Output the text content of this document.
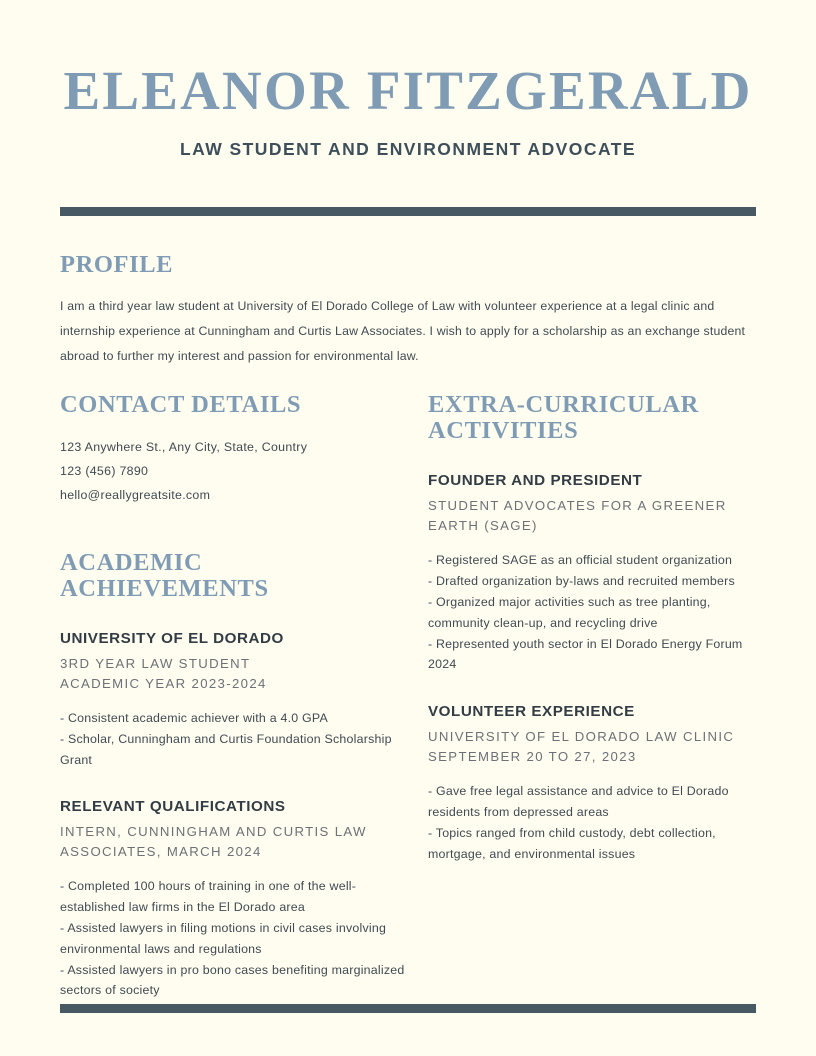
ELEANOR FITZGERALD
LAW STUDENT AND ENVIRONMENT ADVOCATE
PROFILE

I am a third year law student at University of El Dorado College of Law with volunteer experience at a legal clinic and internship experience at Cunningham and Curtis Law Associates. I wish to apply for a scholarship as an exchange student abroad to further my interest and passion for environmental law.

CONTACT DETAILS
123 Anywhere St., Any City, State, Country
123 (456) 7890
hello@reallygreatsite.com
ACADEMIC ACHIEVEMENTS
UNIVERSITY OF EL DORADO
3RD YEAR LAW STUDENT
ACADEMIC YEAR 2023-2024
- Consistent academic achiever with a 4.0 GPA
- Scholar, Cunningham and Curtis Foundation Scholarship Grant
RELEVANT QUALIFICATIONS
INTERN, CUNNINGHAM AND CURTIS LAW
ASSOCIATES, MARCH 2024
- Completed 100 hours of training in one of the well-established law firms in the El Dorado area
- Assisted lawyers in filing motions in civil cases involving environmental laws and regulations
- Assisted lawyers in pro bono cases benefiting marginalized sectors of society
EXTRA-CURRICULAR ACTIVITIES
FOUNDER AND PRESIDENT
STUDENT ADVOCATES FOR A GREENER
EARTH (SAGE)
- Registered SAGE as an official student organization
- Drafted organization by-laws and recruited members
- Organized major activities such as tree planting, community clean-up, and recycling drive
- Represented youth sector in El Dorado Energy Forum 2024
VOLUNTEER EXPERIENCE
UNIVERSITY OF EL DORADO LAW CLINIC
SEPTEMBER 20 TO 27, 2023
- Gave free legal assistance and advice to El Dorado residents from depressed areas
- Topics ranged from child custody, debt collection, mortgage, and environmental issues
